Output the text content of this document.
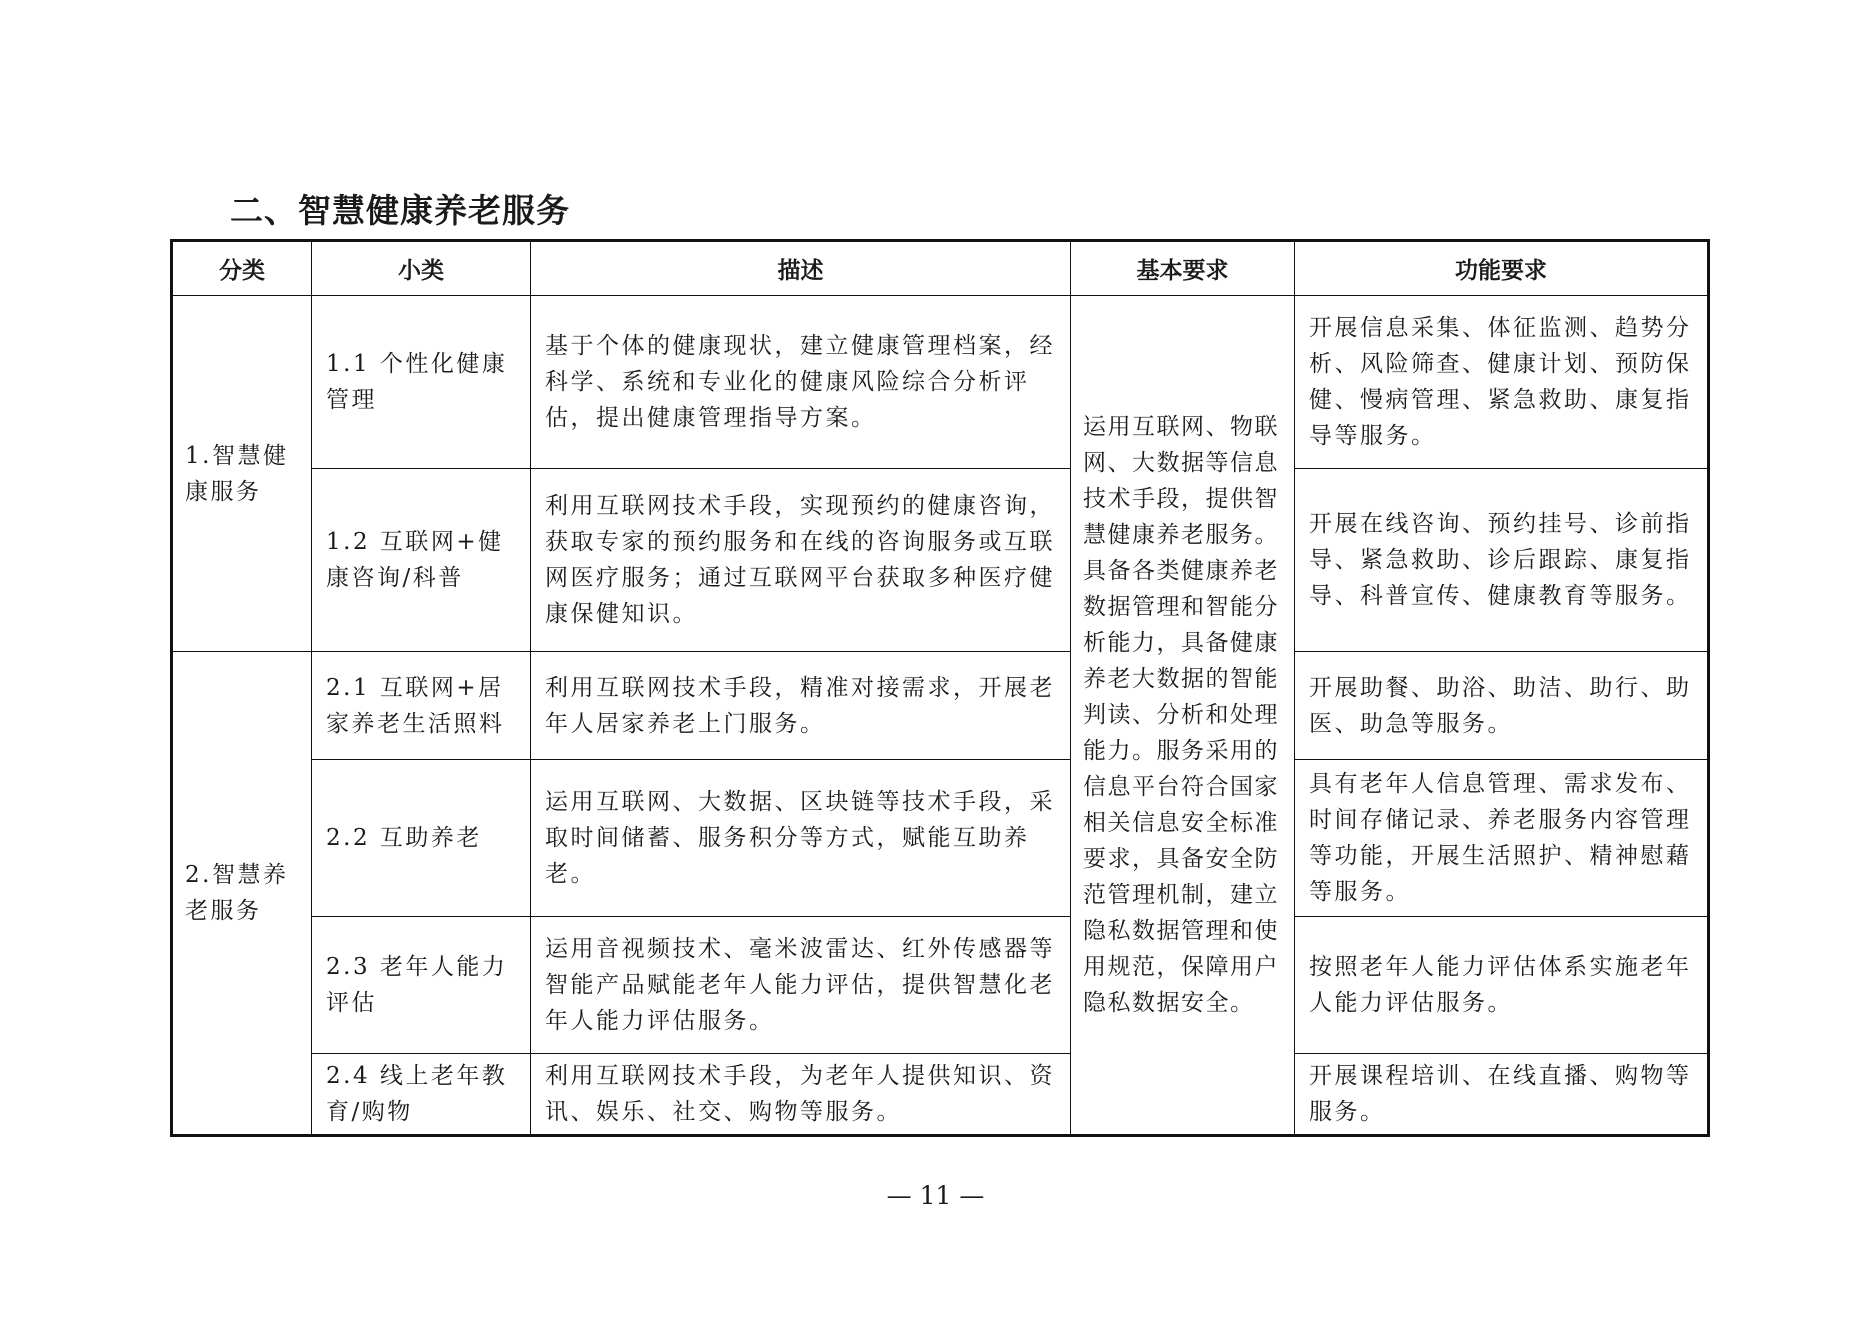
二、智慧健康养老服务
分类	小类	描述	基本要求	功能要求
1.智慧健康服务	1.1 个性化健康管理	基于个体的健康现状，建立健康管理档案，经科学、系统和专业化的健康风险综合分析评估，提出健康管理指导方案。	运用互联网、物联网、大数据等信息技术手段，提供智慧健康养老服务。具备各类健康养老数据管理和智能分析能力，具备健康养老大数据的智能判读、分析和处理能力。服务采用的信息平台符合国家相关信息安全标准要求，具备安全防范管理机制，建立隐私数据管理和使用规范，保障用户隐私数据安全。	开展信息采集、体征监测、趋势分析、风险筛查、健康计划、预防保健、慢病管理、紧急救助、康复指导等服务。
	1.2 互联网+健康咨询/科普	利用互联网技术手段，实现预约的健康咨询，获取专家的预约服务和在线的咨询服务或互联网医疗服务；通过互联网平台获取多种医疗健康保健知识。		开展在线咨询、预约挂号、诊前指导、紧急救助、诊后跟踪、康复指导、科普宣传、健康教育等服务。
2.智慧养老服务	2.1 互联网+居家养老生活照料	利用互联网技术手段，精准对接需求，开展老年人居家养老上门服务。		开展助餐、助浴、助洁、助行、助医、助急等服务。
	2.2 互助养老	运用互联网、大数据、区块链等技术手段，采取时间储蓄、服务积分等方式，赋能互助养老。		具有老年人信息管理、需求发布、时间存储记录、养老服务内容管理等功能，开展生活照护、精神慰藉等服务。
	2.3 老年人能力评估	运用音视频技术、毫米波雷达、红外传感器等智能产品赋能老年人能力评估，提供智慧化老年人能力评估服务。		按照老年人能力评估体系实施老年人能力评估服务。
	2.4 线上老年教育/购物	利用互联网技术手段，为老年人提供知识、资讯、娱乐、社交、购物等服务。		开展课程培训、在线直播、购物等服务。
— 11 —
